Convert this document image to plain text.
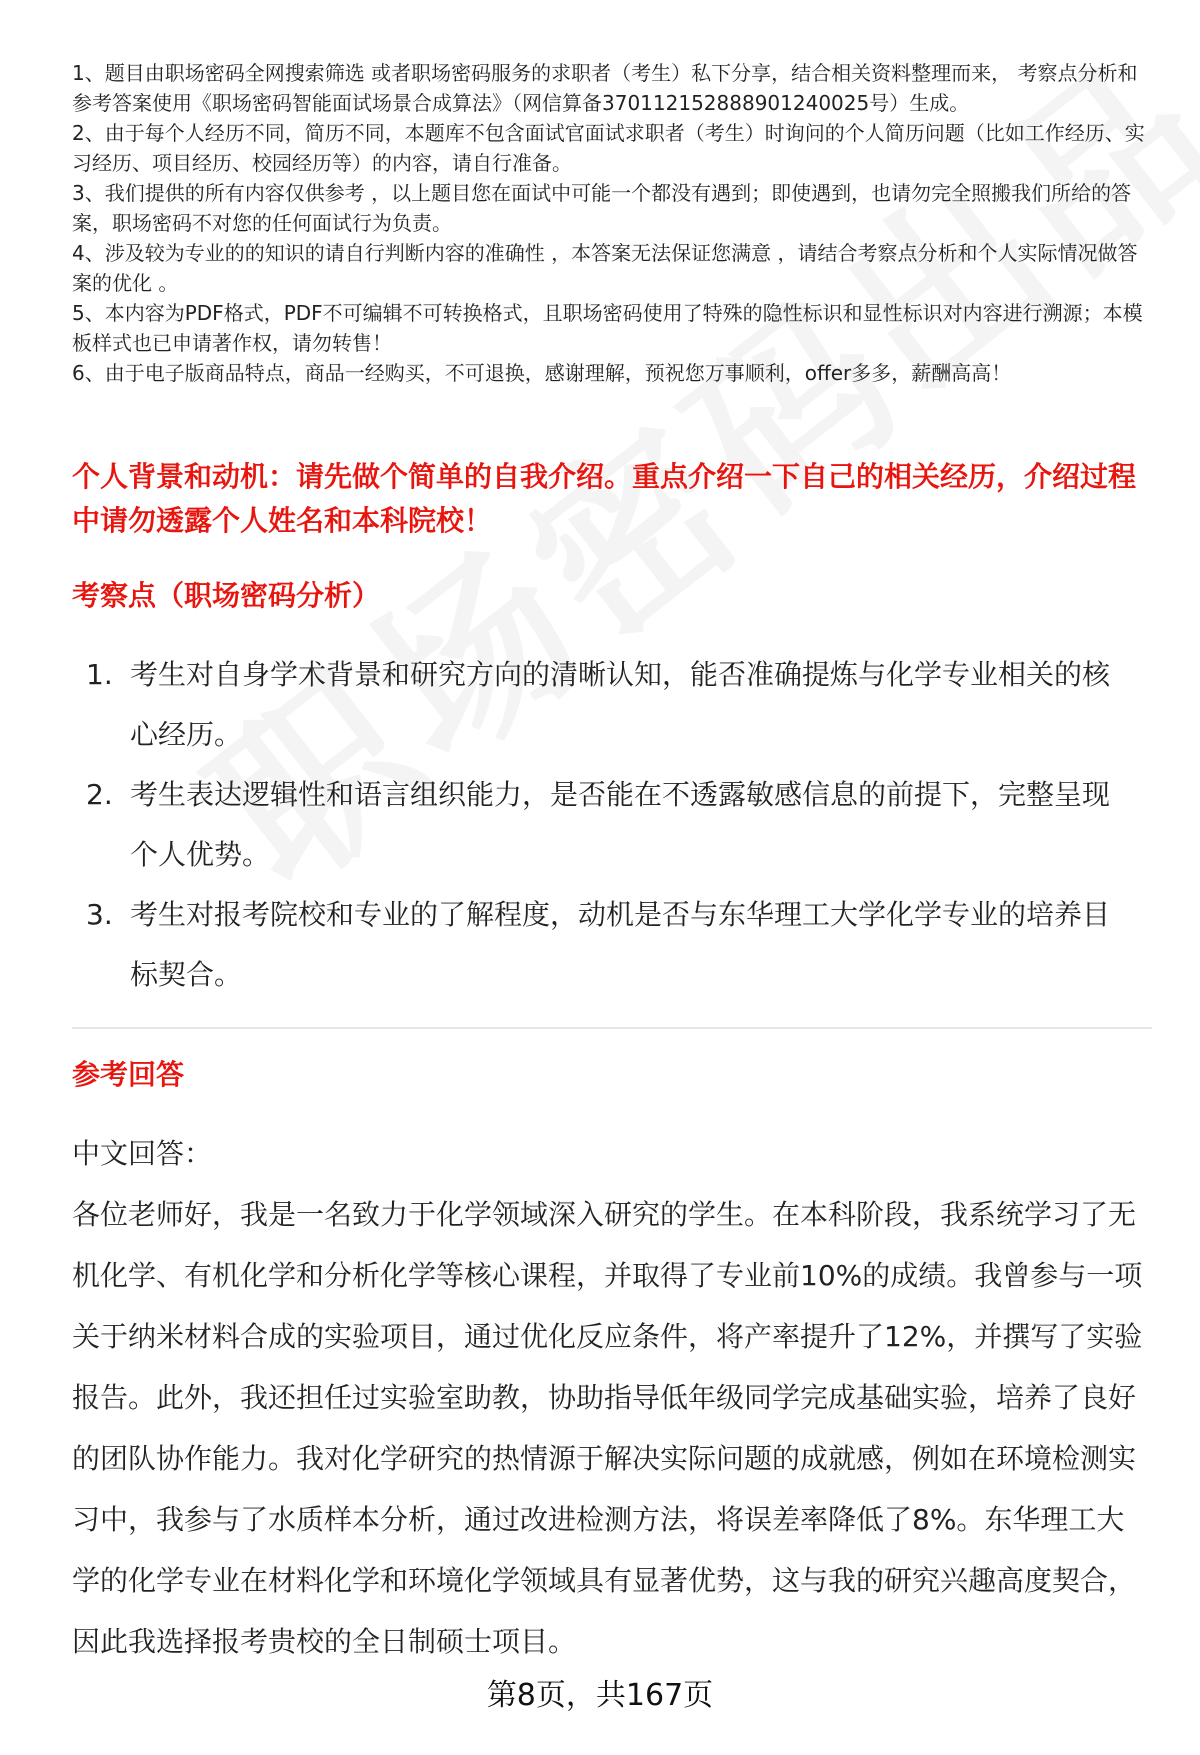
1、题目由职场密码全网搜索筛选 或者职场密码服务的求职者（考生）私下分享，结合相关资料整理而来， 考察点分析和参考答案使用《职场密码智能面试场景合成算法》（网信算备370112152888901240025号）生成。

2、由于每个人经历不同，简历不同，本题库不包含面试官面试求职者（考生）时询问的个人简历问题（比如工作经历、实习经历、项目经历、校园经历等）的内容，请自行准备。

3、我们提供的所有内容仅供参考 ，以上题目您在面试中可能一个都没有遇到；即使遇到，也请勿完全照搬我们所给的答案，职场密码不对您的任何面试行为负责。

4、涉及较为专业的的知识的请自行判断内容的准确性 ，本答案无法保证您满意 ，请结合考察点分析和个人实际情况做答案的优化 。

5、本内容为PDF格式，PDF不可编辑不可转换格式，且职场密码使用了特殊的隐性标识和显性标识对内容进行溯源；本模板样式也已申请著作权，请勿转售！

6、由于电子版商品特点，商品一经购买，不可退换，感谢理解，预祝您万事顺利，offer多多，薪酬高高！

个人背景和动机：请先做个简单的自我介绍。重点介绍一下自己的相关经历，介绍过程中请勿透露个人姓名和本科院校！
考察点（职场密码分析）
1. 考生对自身学术背景和研究方向的清晰认知，能否准确提炼与化学专业相关的核心经历。
2. 考生表达逻辑性和语言组织能力，是否能在不透露敏感信息的前提下，完整呈现个人优势。
3. 考生对报考院校和专业的了解程度，动机是否与东华理工大学化学专业的培养目标契合。
参考回答

中文回答：

各位老师好，我是一名致力于化学领域深入研究的学生。在本科阶段，我系统学习了无机化学、有机化学和分析化学等核心课程，并取得了专业前10%的成绩。我曾参与一项关于纳米材料合成的实验项目，通过优化反应条件，将产率提升了12%，并撰写了实验报告。此外，我还担任过实验室助教，协助指导低年级同学完成基础实验，培养了良好的团队协作能力。我对化学研究的热情源于解决实际问题的成就感，例如在环境检测实习中，我参与了水质样本分析，通过改进检测方法，将误差率降低了8%。东华理工大学的化学专业在材料化学和环境化学领域具有显著优势，这与我的研究兴趣高度契合，因此我选择报考贵校的全日制硕士项目。

第8页，共167页
